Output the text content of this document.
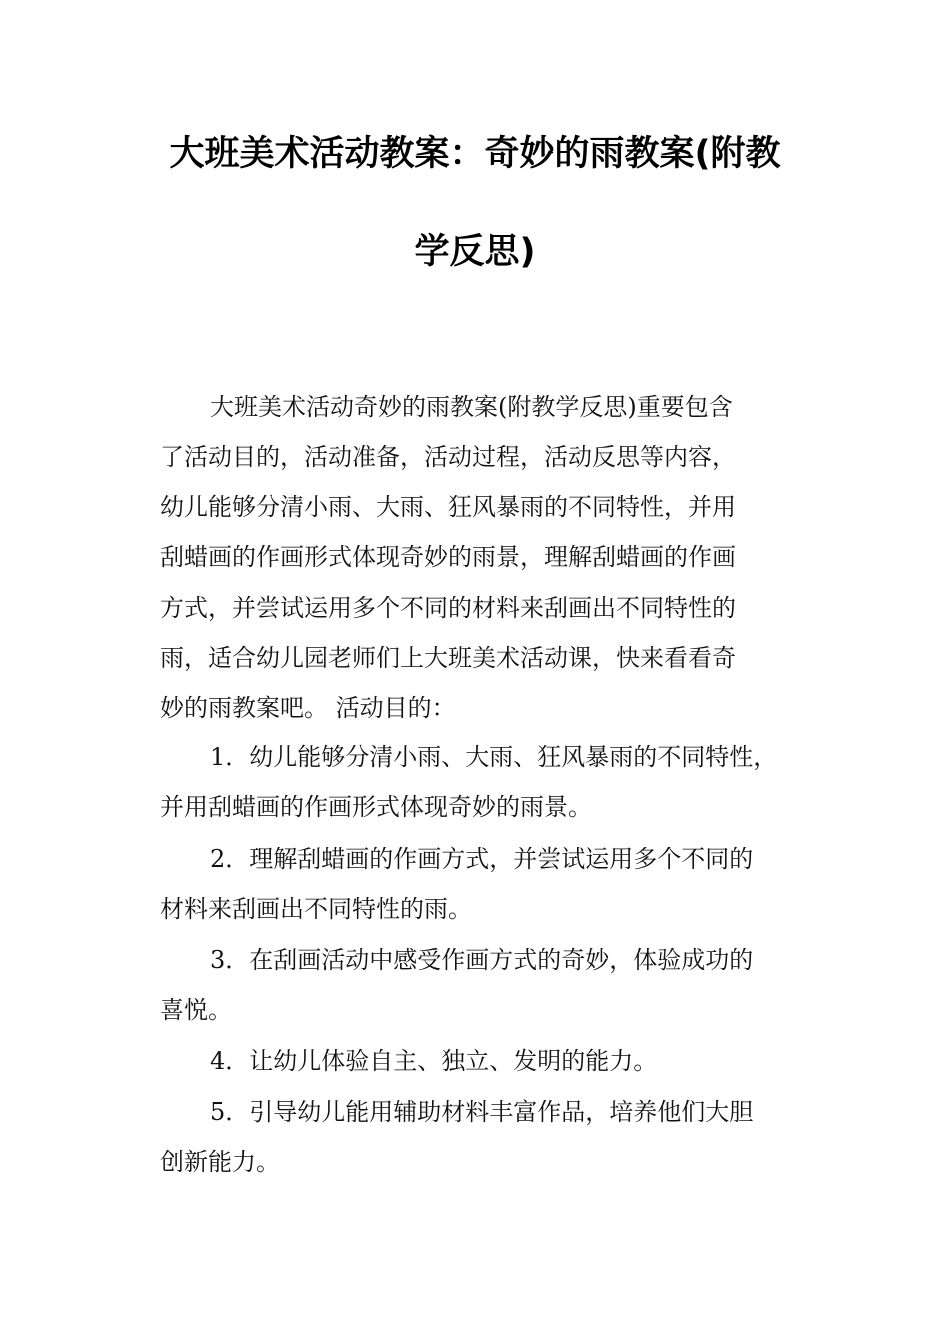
大班美术活动教案：奇妙的雨教案(附教
学反思)
大班美术活动奇妙的雨教案(附教学反思)重要包含
了活动目的，活动准备，活动过程，活动反思等内容，
幼儿能够分清小雨、大雨、狂风暴雨的不同特性，并用
刮蜡画的作画形式体现奇妙的雨景，理解刮蜡画的作画
方式，并尝试运用多个不同的材料来刮画出不同特性的
雨，适合幼儿园老师们上大班美术活动课，快来看看奇
妙的雨教案吧。 活动目的：
1．幼儿能够分清小雨、大雨、狂风暴雨的不同特性，
并用刮蜡画的作画形式体现奇妙的雨景。
2．理解刮蜡画的作画方式，并尝试运用多个不同的
材料来刮画出不同特性的雨。
3．在刮画活动中感受作画方式的奇妙，体验成功的
喜悦。
4．让幼儿体验自主、独立、发明的能力。
5．引导幼儿能用辅助材料丰富作品，培养他们大胆
创新能力。
